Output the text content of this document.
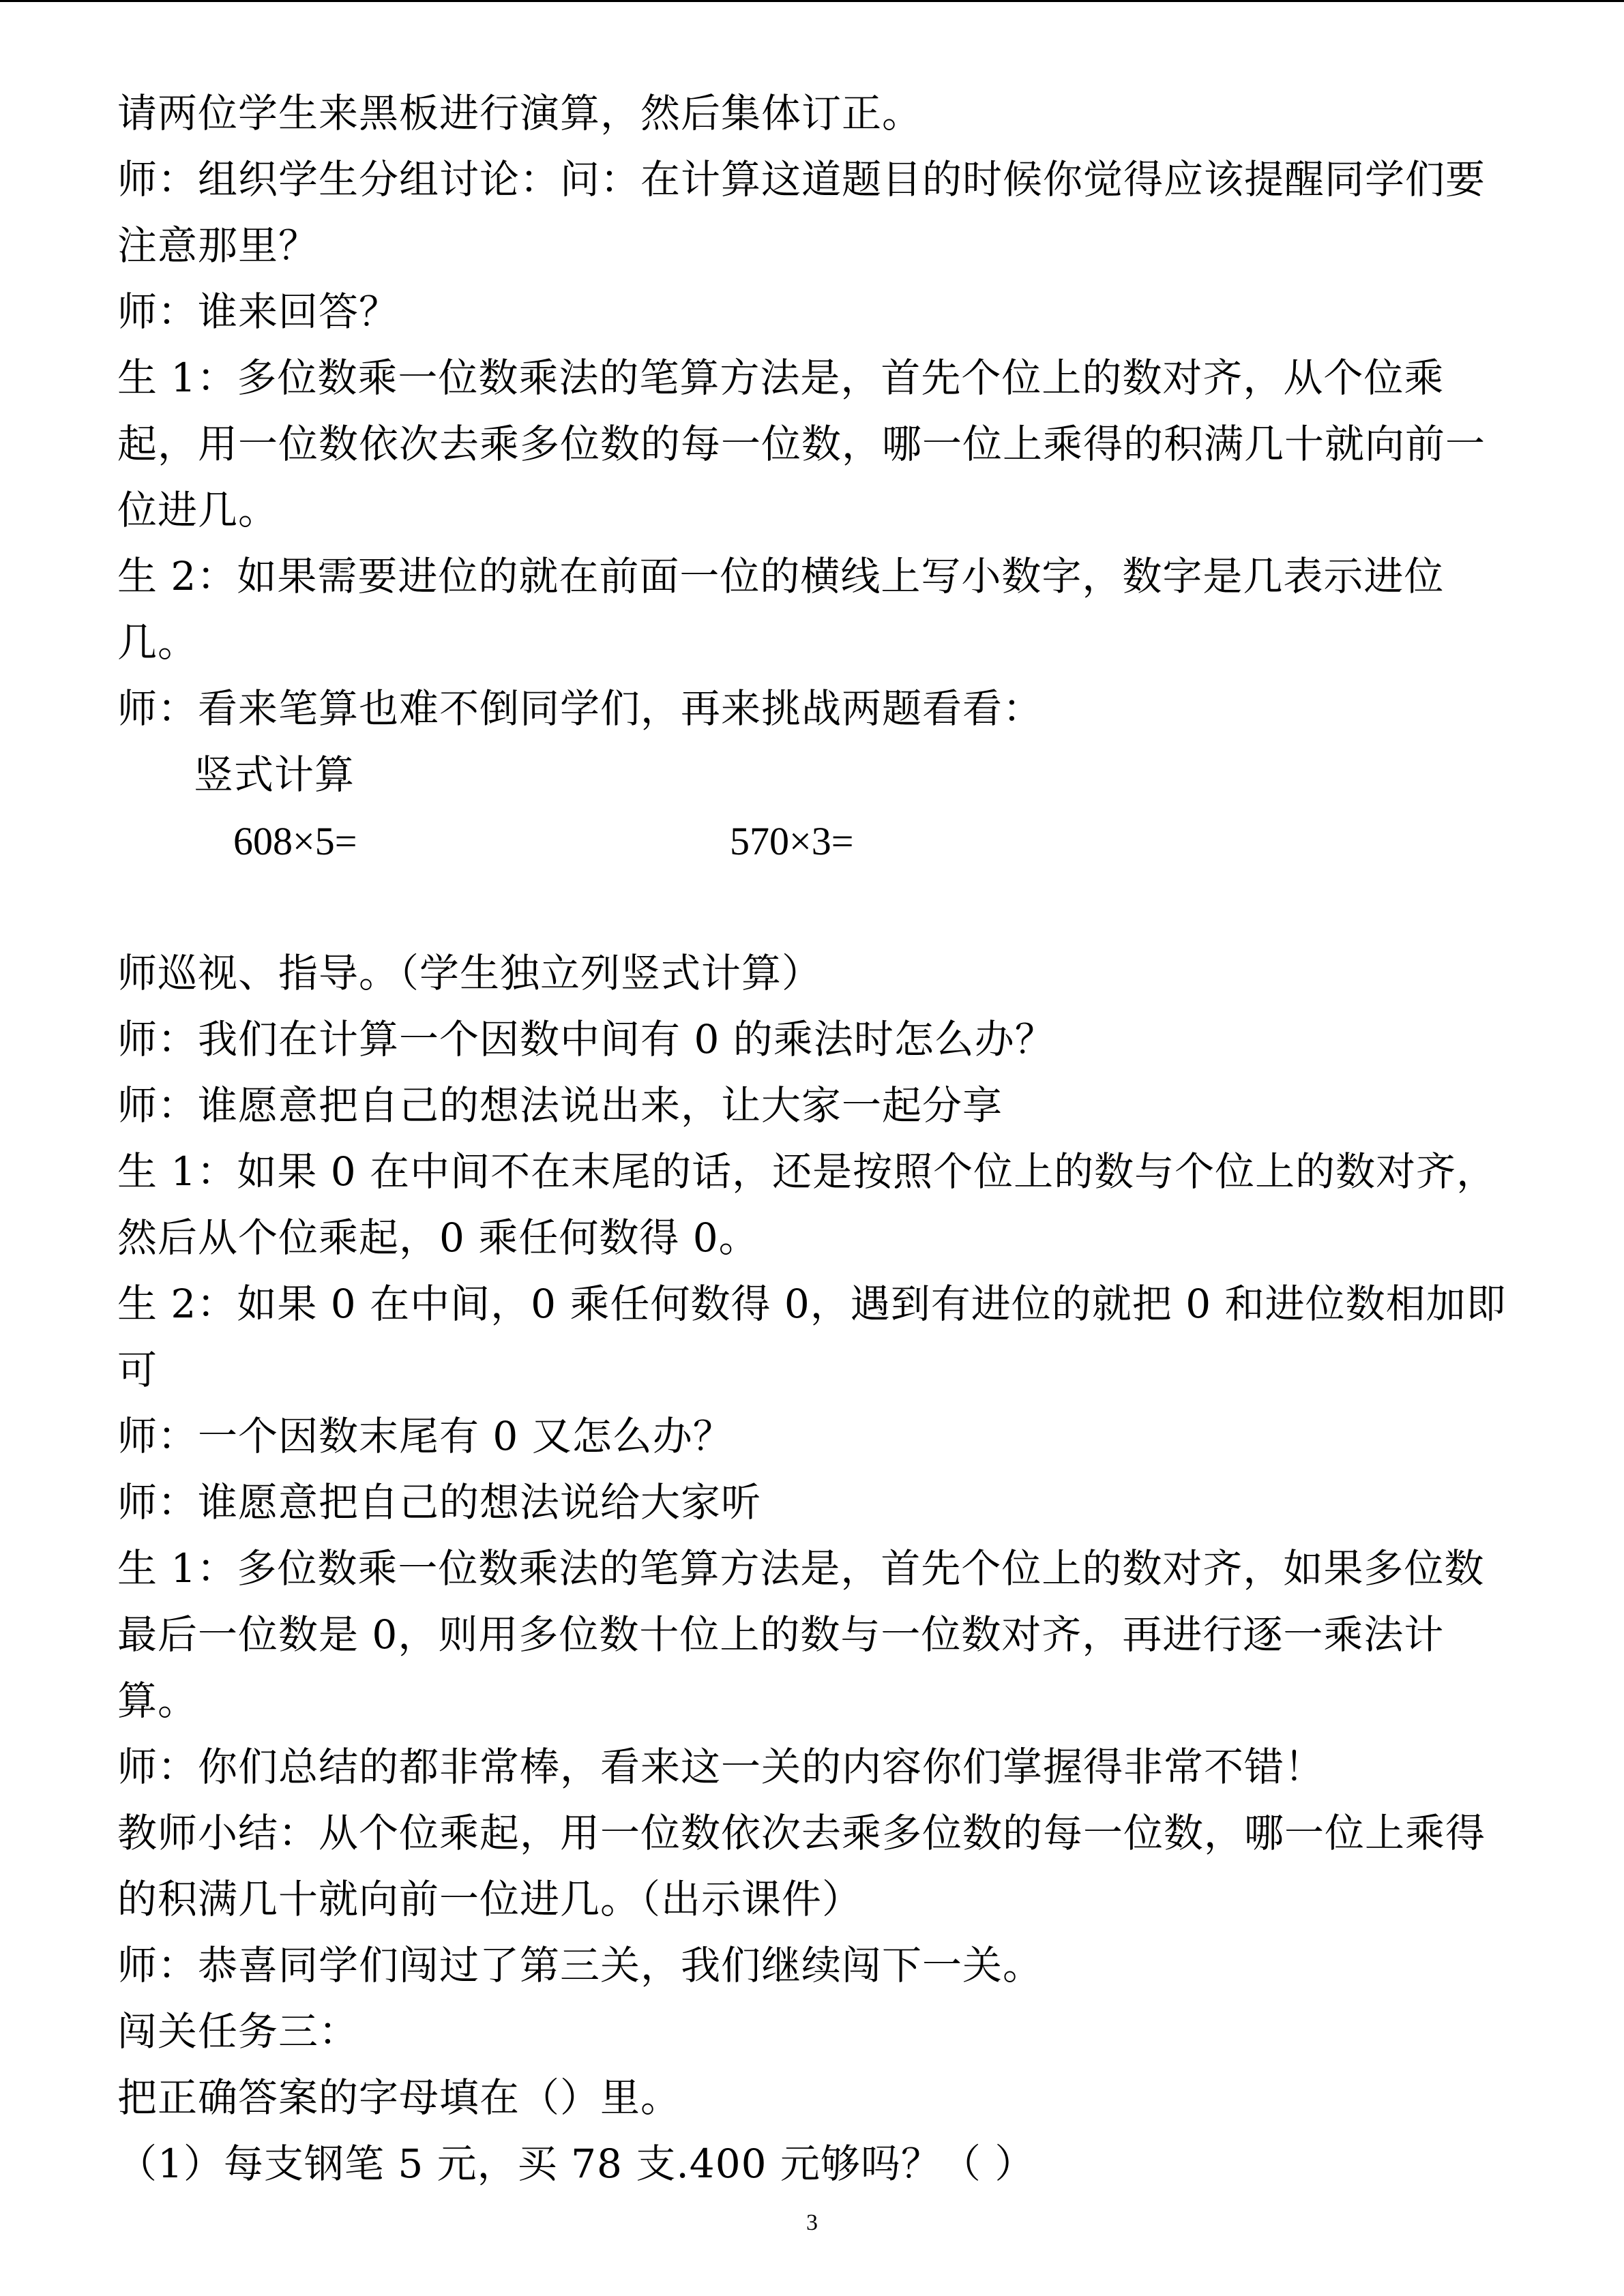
请两位学生来黑板进行演算，然后集体订正。
师：组织学生分组讨论：问：在计算这道题目的时候你觉得应该提醒同学们要
注意那里？
师：谁来回答？
生 1：多位数乘一位数乘法的笔算方法是，首先个位上的数对齐，从个位乘
起，用一位数依次去乘多位数的每一位数，哪一位上乘得的积满几十就向前一
位进几。
生 2：如果需要进位的就在前面一位的横线上写小数字，数字是几表示进位
几。
师：看来笔算也难不倒同学们，再来挑战两题看看：
竖式计算
608×5=	570×3=
师巡视、指导。（学生独立列竖式计算）
师：我们在计算一个因数中间有 0 的乘法时怎么办？
师：谁愿意把自己的想法说出来，让大家一起分享
生 1：如果 0 在中间不在末尾的话，还是按照个位上的数与个位上的数对齐，
然后从个位乘起，0 乘任何数得 0。
生 2：如果 0 在中间，0 乘任何数得 0，遇到有进位的就把 0 和进位数相加即
可
师：一个因数末尾有 0 又怎么办？
师：谁愿意把自己的想法说给大家听
生 1：多位数乘一位数乘法的笔算方法是，首先个位上的数对齐，如果多位数
最后一位数是 0，则用多位数十位上的数与一位数对齐，再进行逐一乘法计
算。
师：你们总结的都非常棒，看来这一关的内容你们掌握得非常不错！
教师小结：从个位乘起，用一位数依次去乘多位数的每一位数，哪一位上乘得
的积满几十就向前一位进几。（出示课件）
师：恭喜同学们闯过了第三关，我们继续闯下一关。
闯关任务三：
把正确答案的字母填在（）里。
（1）每支钢笔 5 元，买 78 支.400 元够吗？（ ）
3
